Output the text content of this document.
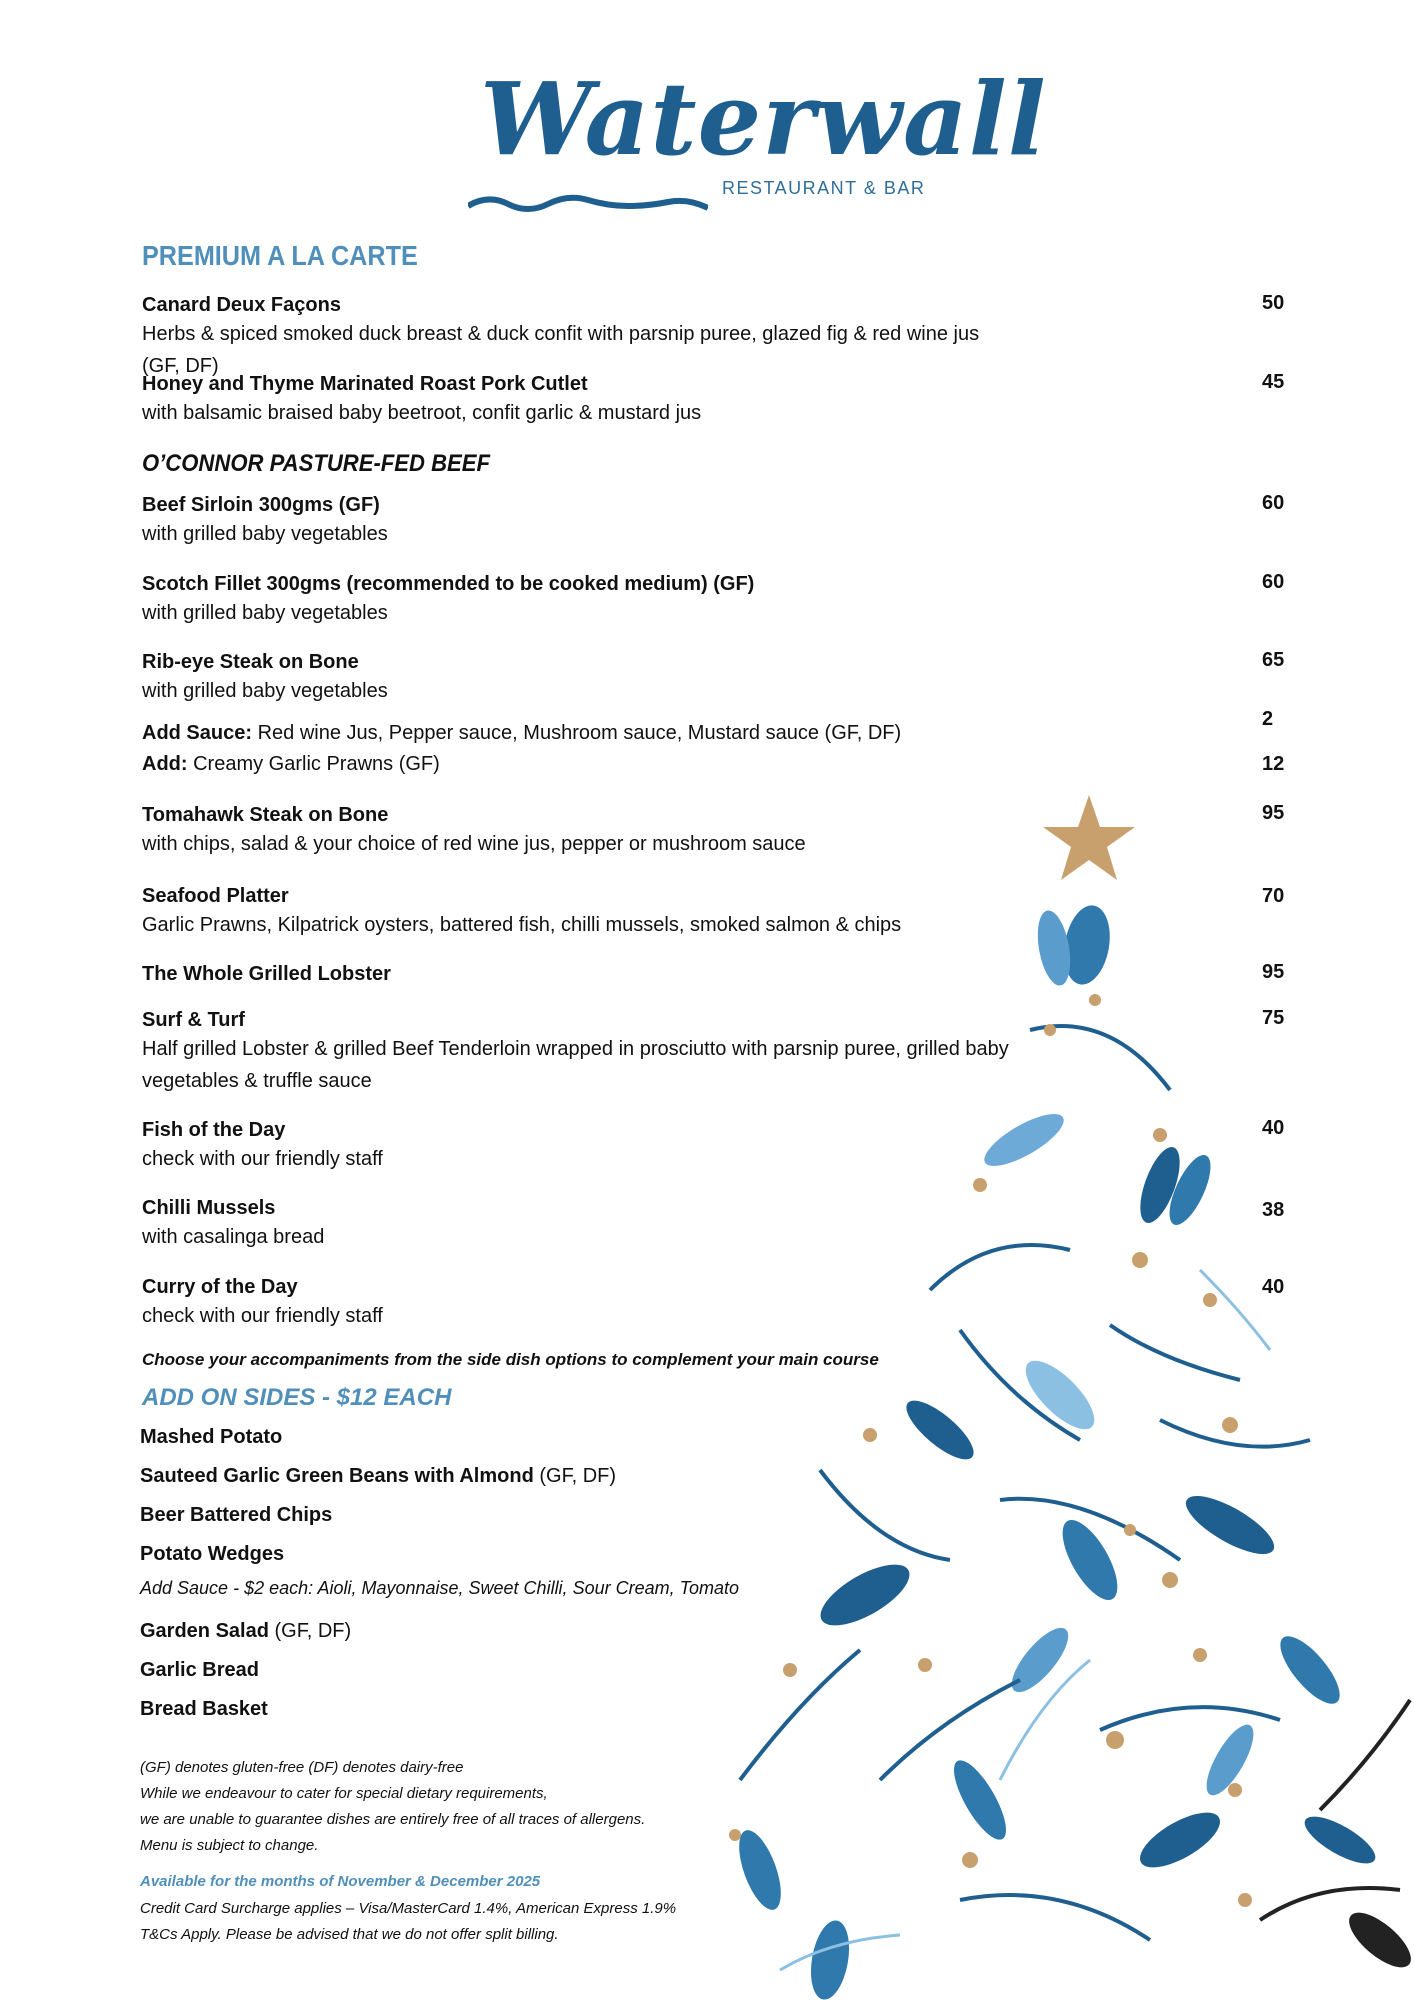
Waterwall
RESTAURANT & BAR
PREMIUM A LA CARTE
Canard Deux Façons
Herbs & spiced smoked duck breast & duck confit with parsnip puree, glazed fig & red wine jus (GF, DF)
50
Honey and Thyme Marinated Roast Pork Cutlet
with balsamic braised baby beetroot, confit garlic & mustard jus
45
O’CONNOR PASTURE-FED BEEF
Beef Sirloin 300gms (GF)
with grilled baby vegetables
60
Scotch Fillet 300gms (recommended to be cooked medium) (GF)
with grilled baby vegetables
60
Rib-eye Steak on Bone
with grilled baby vegetables
65
Add Sauce: Red wine Jus, Pepper sauce, Mushroom sauce, Mustard sauce (GF, DF)
2
Add: Creamy Garlic Prawns (GF)	12
Tomahawk Steak on Bone
with chips, salad & your choice of red wine jus, pepper or mushroom sauce
95
Seafood Platter
Garlic Prawns, Kilpatrick oysters, battered fish, chilli mussels, smoked salmon & chips
70
The Whole Grilled Lobster	95
Surf & Turf
Half grilled Lobster & grilled Beef Tenderloin wrapped in prosciutto with parsnip puree, grilled baby vegetables & truffle sauce
75
Fish of the Day
check with our friendly staff
40
Chilli Mussels
with casalinga bread
38
Curry of the Day
check with our friendly staff
40
Choose your accompaniments from the side dish options to complement your main course
ADD ON SIDES - $12 EACH
Mashed Potato
Sauteed Garlic Green Beans with Almond (GF, DF)
Beer Battered Chips
Potato Wedges
Add Sauce - $2 each: Aioli, Mayonnaise, Sweet Chilli, Sour Cream, Tomato
Garden Salad (GF, DF)
Garlic Bread
Bread Basket
(GF) denotes gluten-free (DF) denotes dairy-free
While we endeavour to cater for special dietary requirements,
we are unable to guarantee dishes are entirely free of all traces of allergens.
Menu is subject to change.
Available for the months of November & December 2025
Credit Card Surcharge applies – Visa/MasterCard 1.4%, American Express 1.9%
T&Cs Apply. Please be advised that we do not offer split billing.
